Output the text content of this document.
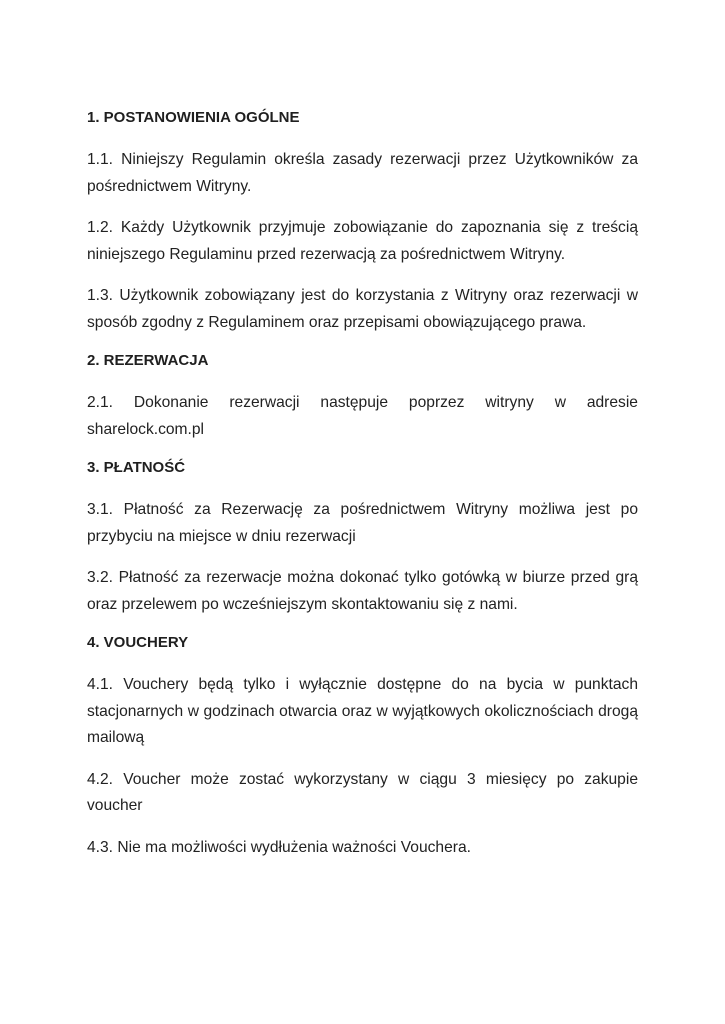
1. POSTANOWIENIA OGÓLNE

1.1. Niniejszy Regulamin określa zasady rezerwacji przez Użytkowników za pośrednictwem Witryny.

1.2. Każdy Użytkownik przyjmuje zobowiązanie do zapoznania się z treścią niniejszego Regulaminu przed rezerwacją za pośrednictwem Witryny.

1.3. Użytkownik zobowiązany jest do korzystania z Witryny oraz rezerwacji w sposób zgodny z Regulaminem oraz przepisami obowiązującego prawa.

2. REZERWACJA

2.1. Dokonanie rezerwacji następuje poprzez witryny w adresie sharelock.com.pl

3. PŁATNOŚĆ

3.1. Płatność za Rezerwację za pośrednictwem Witryny możliwa jest po przybyciu na miejsce w dniu rezerwacji

3.2. Płatność za rezerwacje można dokonać tylko gotówką w biurze przed grą oraz przelewem po wcześniejszym skontaktowaniu się z nami.

4. VOUCHERY

4.1. Vouchery będą tylko i wyłącznie dostępne do na bycia w punktach stacjonarnych w godzinach otwarcia oraz w wyjątkowych okolicznościach drogą mailową

4.2. Voucher może zostać wykorzystany w ciągu 3 miesięcy po zakupie voucher

4.3. Nie ma możliwości wydłużenia ważności Vouchera.
